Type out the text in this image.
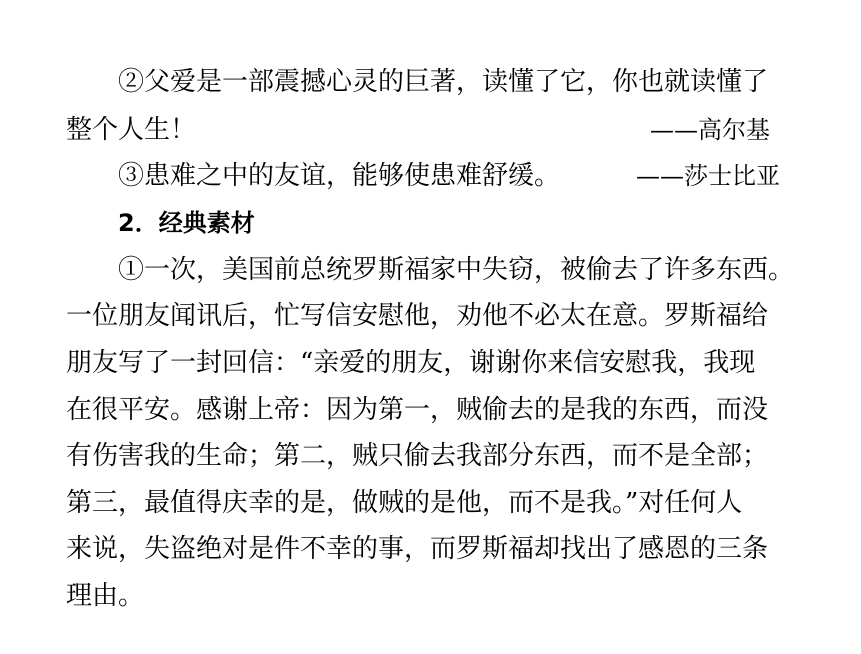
②父爱是一部震撼心灵的巨著，读懂了它，你也就读懂了
整个人生！	——高尔基
③患难之中的友谊，能够使患难舒缓。	——莎士比亚
2．经典素材
①一次，美国前总统罗斯福家中失窃，被偷去了许多东西。
一位朋友闻讯后，忙写信安慰他，劝他不必太在意。罗斯福给
朋友写了一封回信：“亲爱的朋友，谢谢你来信安慰我，我现
在很平安。感谢上帝：因为第一，贼偷去的是我的东西，而没
有伤害我的生命；第二，贼只偷去我部分东西，而不是全部；
第三，最值得庆幸的是，做贼的是他，而不是我。”对任何人
来说，失盗绝对是件不幸的事，而罗斯福却找出了感恩的三条
理由。
